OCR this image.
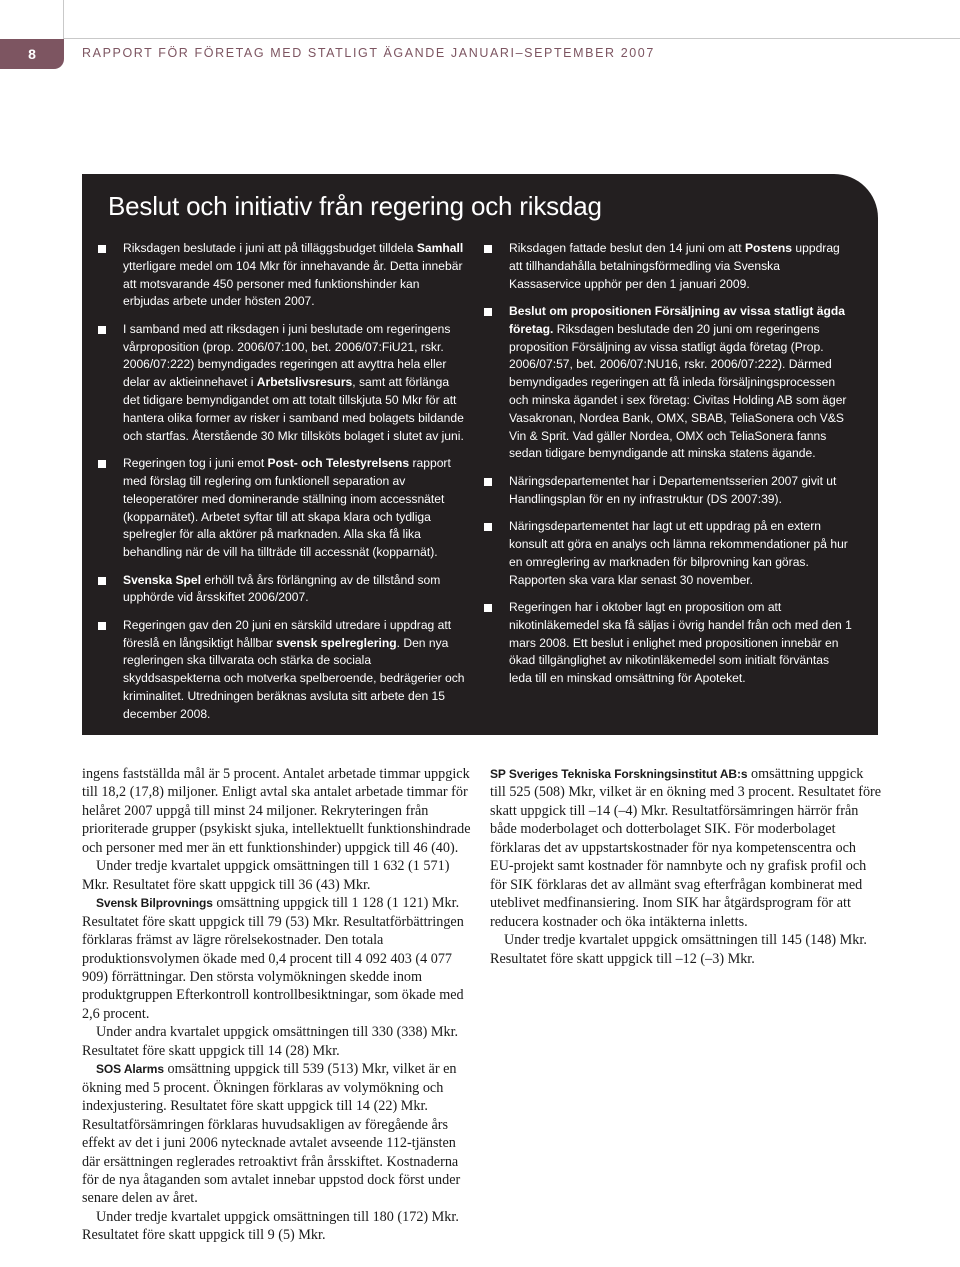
8	RAPPORT FÖR FÖRETAG MED STATLIGT ÄGANDE JANUARI–SEPTEMBER 2007
Beslut och initiativ från regering och riksdag

Riksdagen beslutade i juni att på tilläggsbudget tilldela Samhall ytterligare medel om 104 Mkr för innehavande år. Detta innebär att motsvarande 450 personer med funktionshinder kan erbjudas arbete under hösten 2007.

I samband med att riksdagen i juni beslutade om regeringens vårproposition (prop. 2006/07:100, bet. 2006/07:FiU21, rskr. 2006/07:222) bemyndigades regeringen att avyttra hela eller delar av aktieinnehavet i Arbetslivsresurs, samt att förlänga det tidigare bemyndigandet om att totalt tillskjuta 50 Mkr för att hantera olika former av risker i samband med bolagets bildande och startfas. Återstående 30 Mkr tillsköts bolaget i slutet av juni.

Regeringen tog i juni emot Post- och Telestyrelsens rapport med förslag till reglering om funktionell separation av teleoperatörer med dominerande ställning inom accessnätet (kopparnätet). Arbetet syftar till att skapa klara och tydliga spelregler för alla aktörer på marknaden. Alla ska få lika behandling när de vill ha tillträde till accessnät (kopparnät).

Svenska Spel erhöll två års förlängning av de tillstånd som upphörde vid årsskiftet 2006/2007.

Regeringen gav den 20 juni en särskild utredare i uppdrag att föreslå en långsiktigt hållbar svensk spelreglering. Den nya regleringen ska tillvarata och stärka de sociala skyddsaspekterna och motverka spelberoende, bedrägerier och kriminalitet. Utredningen beräknas avsluta sitt arbete den 15 december 2008.

Riksdagen fattade beslut den 14 juni om att Postens uppdrag att tillhandahålla betalningsförmedling via Svenska Kassaservice upphör per den 1 januari 2009.

Beslut om propositionen Försäljning av vissa statligt ägda företag. Riksdagen beslutade den 20 juni om regeringens proposition Försäljning av vissa statligt ägda företag (Prop. 2006/07:57, bet. 2006/07:NU16, rskr. 2006/07:222). Därmed bemyndigades regeringen att få inleda försäljningsprocessen och minska ägandet i sex företag: Civitas Holding AB som äger Vasakronan, Nordea Bank, OMX, SBAB, TeliaSonera och V&S Vin & Sprit. Vad gäller Nordea, OMX och TeliaSonera fanns sedan tidigare bemyndigande att minska statens ägande.

Näringsdepartementet har i Departementsserien 2007 givit ut Handlingsplan för en ny infrastruktur (DS 2007:39).

Näringsdepartementet har lagt ut ett uppdrag på en extern konsult att göra en analys och lämna rekommendationer på hur en omreglering av marknaden för bilprovning kan göras. Rapporten ska vara klar senast 30 november.

Regeringen har i oktober lagt en proposition om att nikotinläkemedel ska få säljas i övrig handel från och med den 1 mars 2008. Ett beslut i enlighet med propositionen innebär en ökad tillgänglighet av nikotinläkemedel som initialt förväntas leda till en minskad omsättning för Apoteket.

ingens fastställda mål är 5 procent. Antalet arbetade timmar uppgick till 18,2 (17,8) miljoner. Enligt avtal ska antalet arbetade timmar för helåret 2007 uppgå till minst 24 miljoner. Rekryteringen från prioriterade grupper (psykiskt sjuka, intellektuellt funktionshindrade och personer med mer än ett funktionshinder) uppgick till 46 (40).

Under tredje kvartalet uppgick omsättningen till 1 632 (1 571) Mkr. Resultatet före skatt uppgick till 36 (43) Mkr.

Svensk Bilprovnings omsättning uppgick till 1 128 (1 121) Mkr. Resultatet före skatt uppgick till 79 (53) Mkr. Resultatförbättringen förklaras främst av lägre rörelsekostnader. Den totala produktionsvolymen ökade med 0,4 procent till 4 092 403 (4 077 909) förrättningar. Den största volymökningen skedde inom produktgruppen Efterkontroll kontrollbesiktningar, som ökade med 2,6 procent.

Under andra kvartalet uppgick omsättningen till 330 (338) Mkr. Resultatet före skatt uppgick till 14 (28) Mkr.

SOS Alarms omsättning uppgick till 539 (513) Mkr, vilket är en ökning med 5 procent. Ökningen förklaras av volymökning och indexjustering. Resultatet före skatt uppgick till 14 (22) Mkr. Resultatförsämringen förklaras huvudsakligen av föregående års effekt av det i juni 2006 nytecknade avtalet avseende 112-tjänsten där ersättningen reglerades retroaktivt från årsskiftet. Kostnaderna för de nya åtaganden som avtalet innebar uppstod dock först under senare delen av året.

Under tredje kvartalet uppgick omsättningen till 180 (172) Mkr. Resultatet före skatt uppgick till 9 (5) Mkr.

SP Sveriges Tekniska Forskningsinstitut AB:s omsättning uppgick till 525 (508) Mkr, vilket är en ökning med 3 procent. Resultatet före skatt uppgick till –14 (–4) Mkr. Resultatförsämringen härrör från både moderbolaget och dotterbolaget SIK. För moderbolaget förklaras det av uppstartskostnader för nya kompetenscentra och EU-projekt samt kostnader för namnbyte och ny grafisk profil och för SIK förklaras det av allmänt svag efterfrågan kombinerat med uteblivet medfinansiering. Inom SIK har åtgärdsprogram för att reducera kostnader och öka intäkterna inletts.

Under tredje kvartalet uppgick omsättningen till 145 (148) Mkr. Resultatet före skatt uppgick till –12 (–3) Mkr.
